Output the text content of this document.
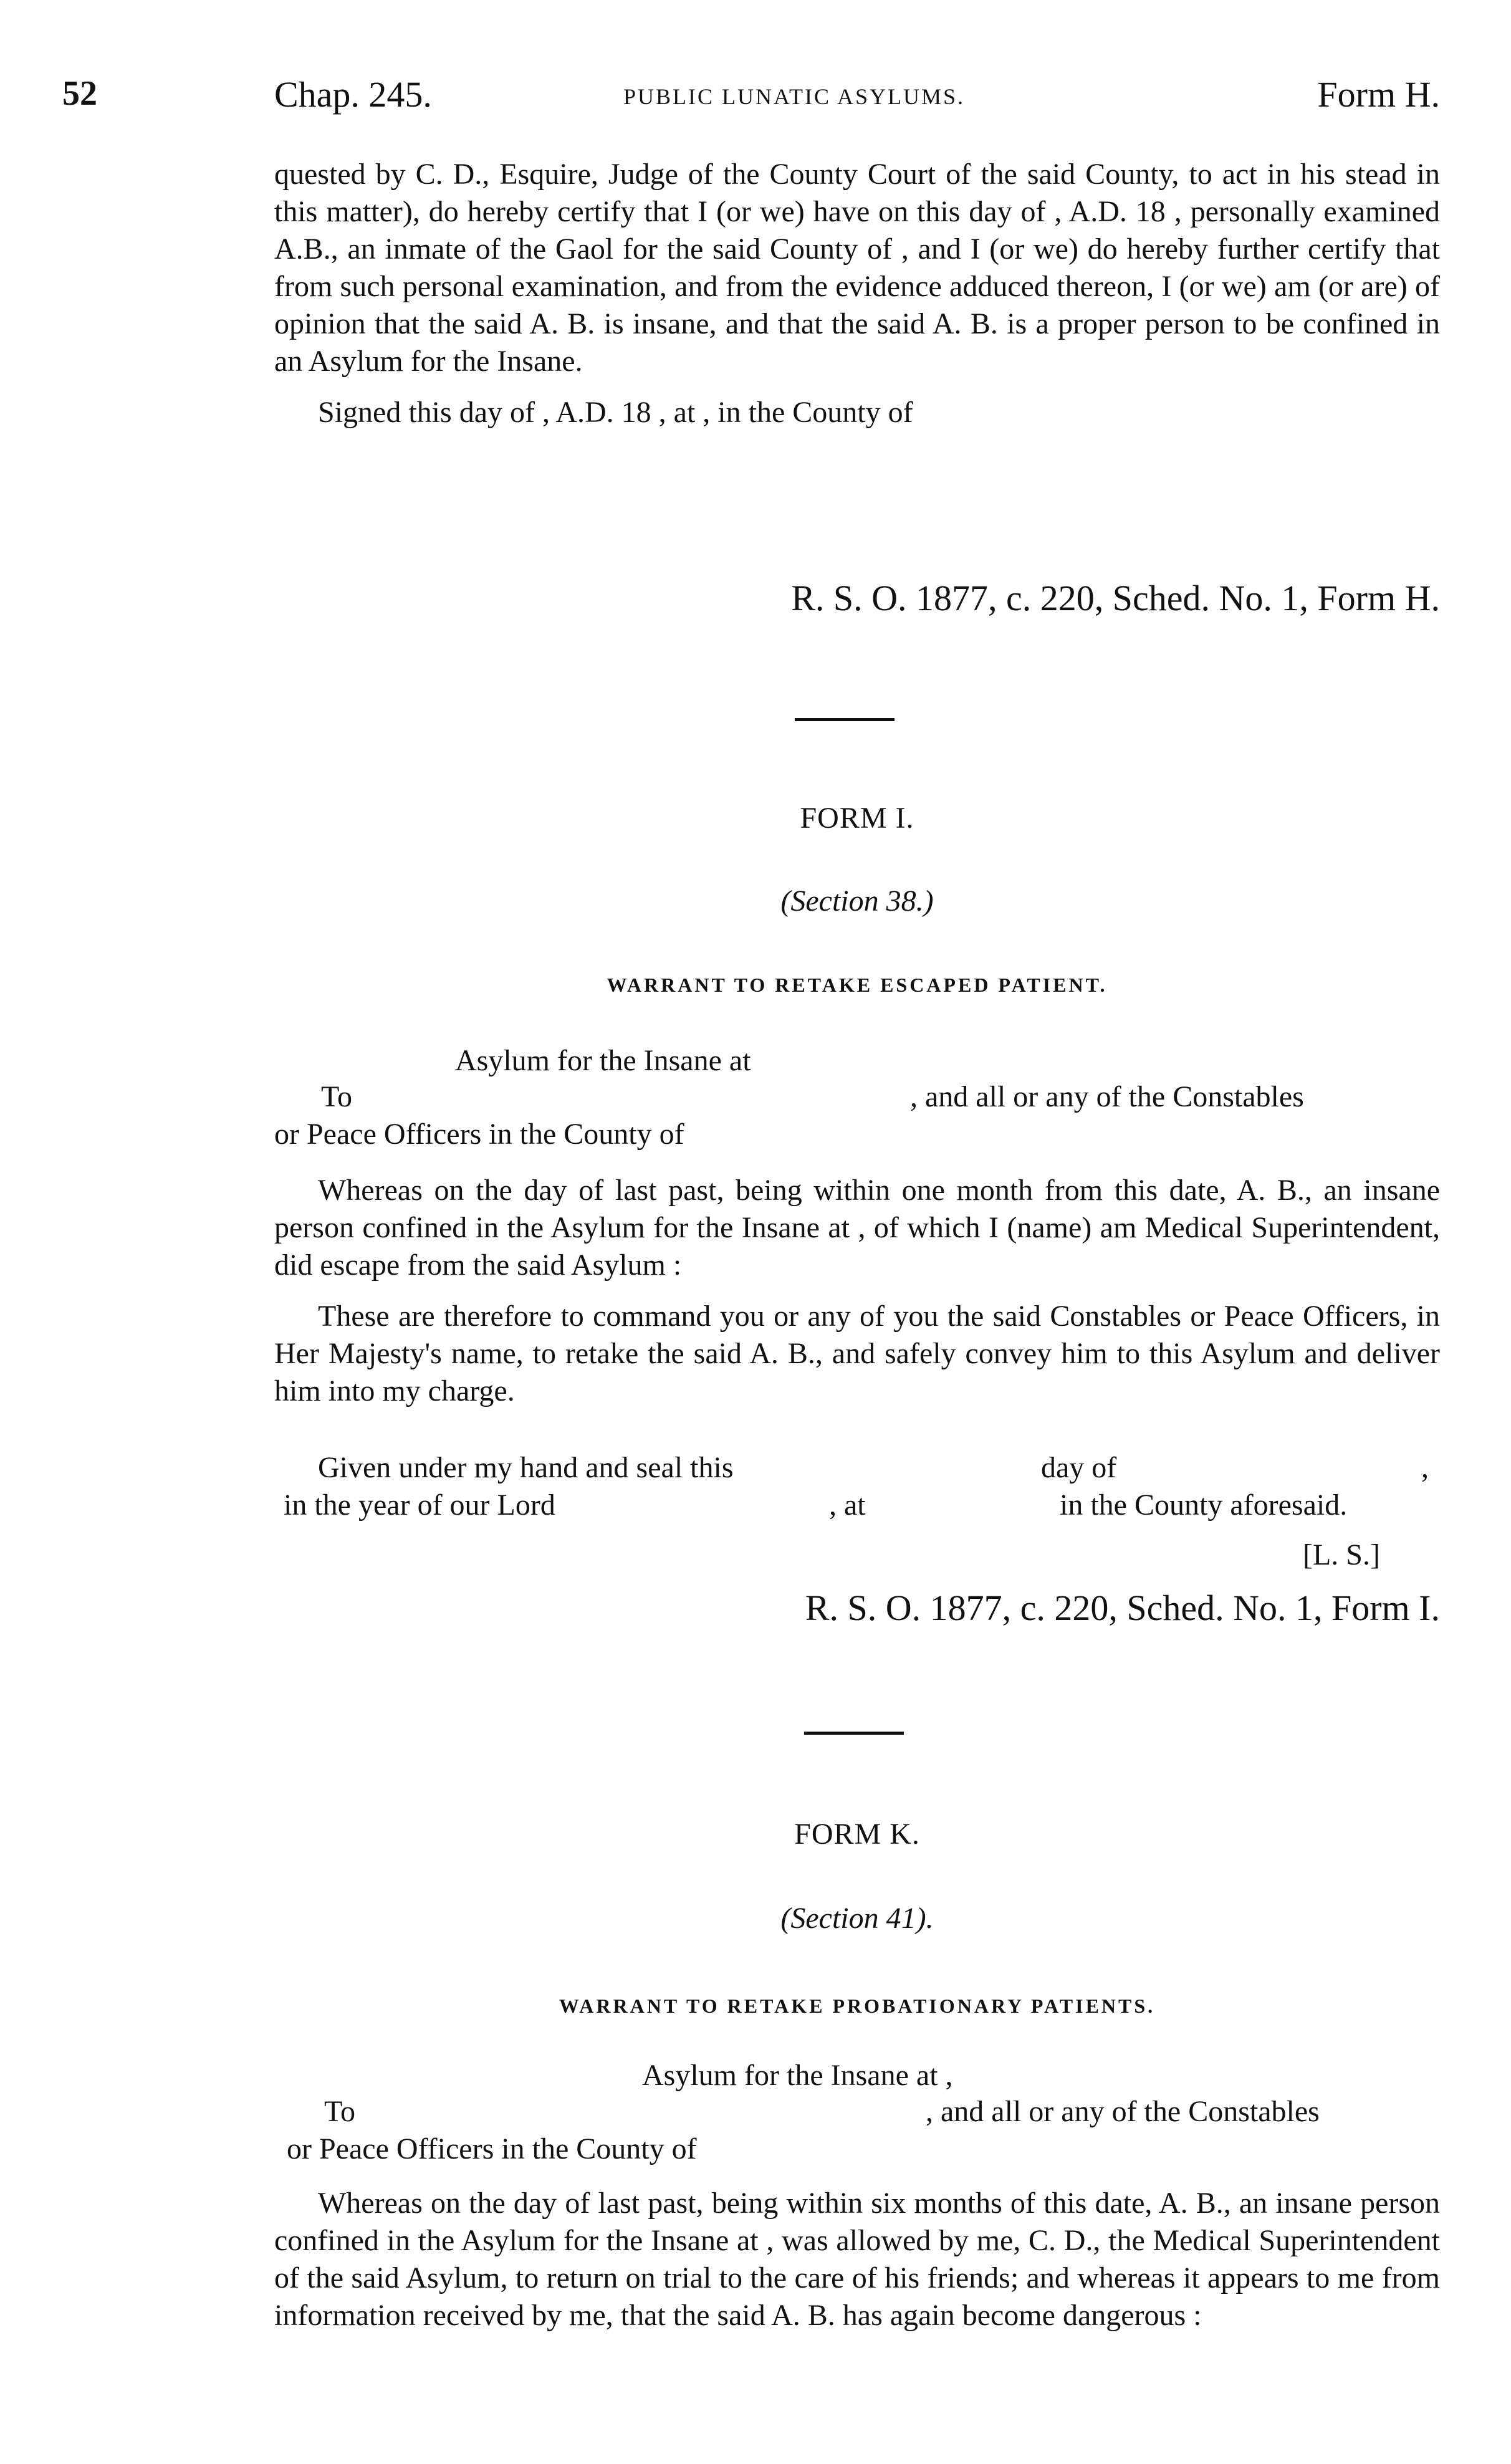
52	Chap. 245.	PUBLIC LUNATIC ASYLUMS.	Form H.

quested by C. D., Esquire, Judge of the County Court of the said County, to act in his stead in this matter), do hereby certify that I (or we) have on this day of , A.D. 18 , personally examined A.B., an inmate of the Gaol for the said County of , and I (or we) do hereby further certify that from such personal examination, and from the evidence adduced thereon, I (or we) am (or are) of opinion that the said A. B. is insane, and that the said A. B. is a proper person to be confined in an Asylum for the Insane.

Signed this day of , A.D. 18 , at , in the County of

R. S. O. 1877, c. 220, Sched. No. 1, Form H.

FORM I.
(Section 38.)
WARRANT TO RETAKE ESCAPED PATIENT.
Asylum for the Insane at
To	, and all or any of the Constables
or Peace Officers in the County of

Whereas on the day of last past, being within one month from this date, A. B., an insane person confined in the Asylum for the Insane at , of which I (name) am Medical Superintendent, did escape from the said Asylum :

These are therefore to command you or any of you the said Constables or Peace Officers, in Her Majesty's name, to retake the said A. B., and safely convey him to this Asylum and deliver him into my charge.

Given under my hand and seal this	day of	,
in the year of our Lord	, at	in the County aforesaid.
[L. S.]

R. S. O. 1877, c. 220, Sched. No. 1, Form I.

FORM K.
(Section 41).
WARRANT TO RETAKE PROBATIONARY PATIENTS.
Asylum for the Insane at ,
To	, and all or any of the Constables
or Peace Officers in the County of

Whereas on the day of last past, being within six months of this date, A. B., an insane person confined in the Asylum for the Insane at , was allowed by me, C. D., the Medical Superintendent of the said Asylum, to return on trial to the care of his friends; and whereas it appears to me from information received by me, that the said A. B. has again become dangerous :
